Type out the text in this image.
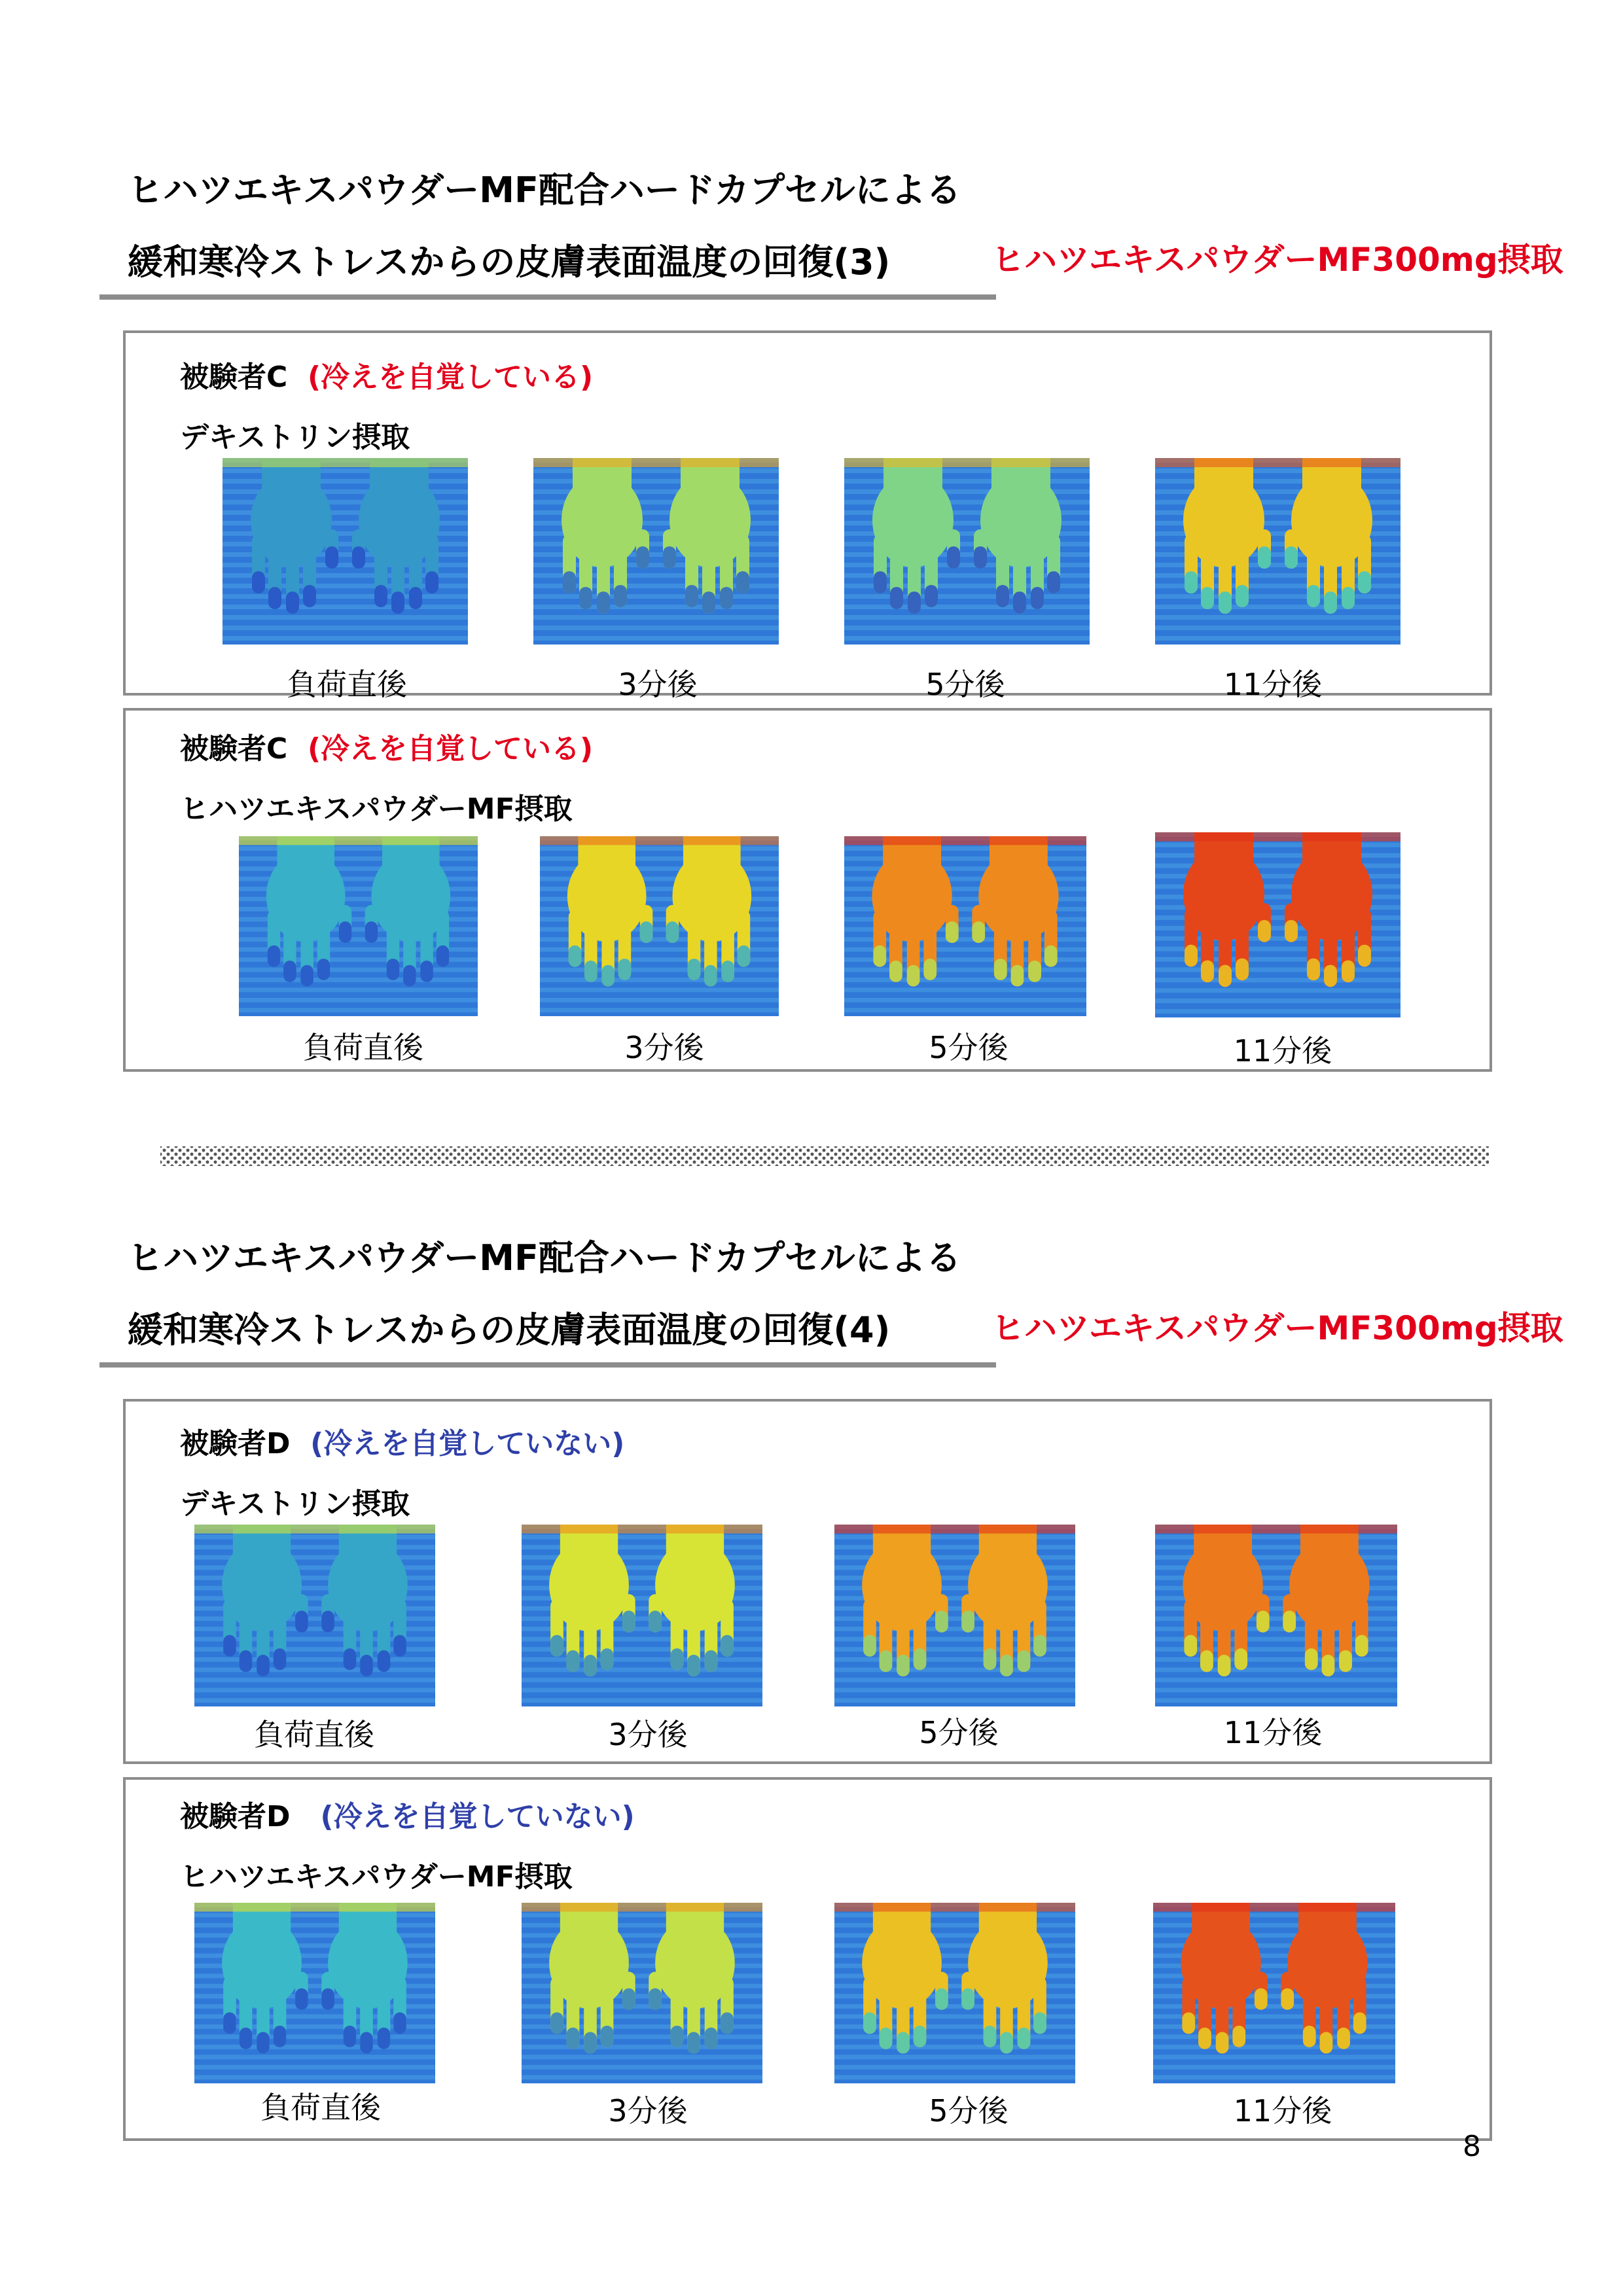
ヒハツエキスパウダーMF配合ハードカプセルによる
緩和寒冷ストレスからの皮膚表面温度の回復(3)	ヒハツエキスパウダーMF300mg摂取
被験者C (冷えを自覚している)
デキストリン摂取
被験者C (冷えを自覚している)
ヒハツエキスパウダーMF摂取
ヒハツエキスパウダーMF配合ハードカプセルによる
緩和寒冷ストレスからの皮膚表面温度の回復(4)	ヒハツエキスパウダーMF300mg摂取
被験者D (冷えを自覚していない)
デキストリン摂取
被験者D (冷えを自覚していない)
ヒハツエキスパウダーMF摂取
8
負荷直後	3分後	5分後	11分後
負荷直後	3分後	5分後	11分後
負荷直後	3分後	5分後	11分後
負荷直後	3分後	5分後	11分後
